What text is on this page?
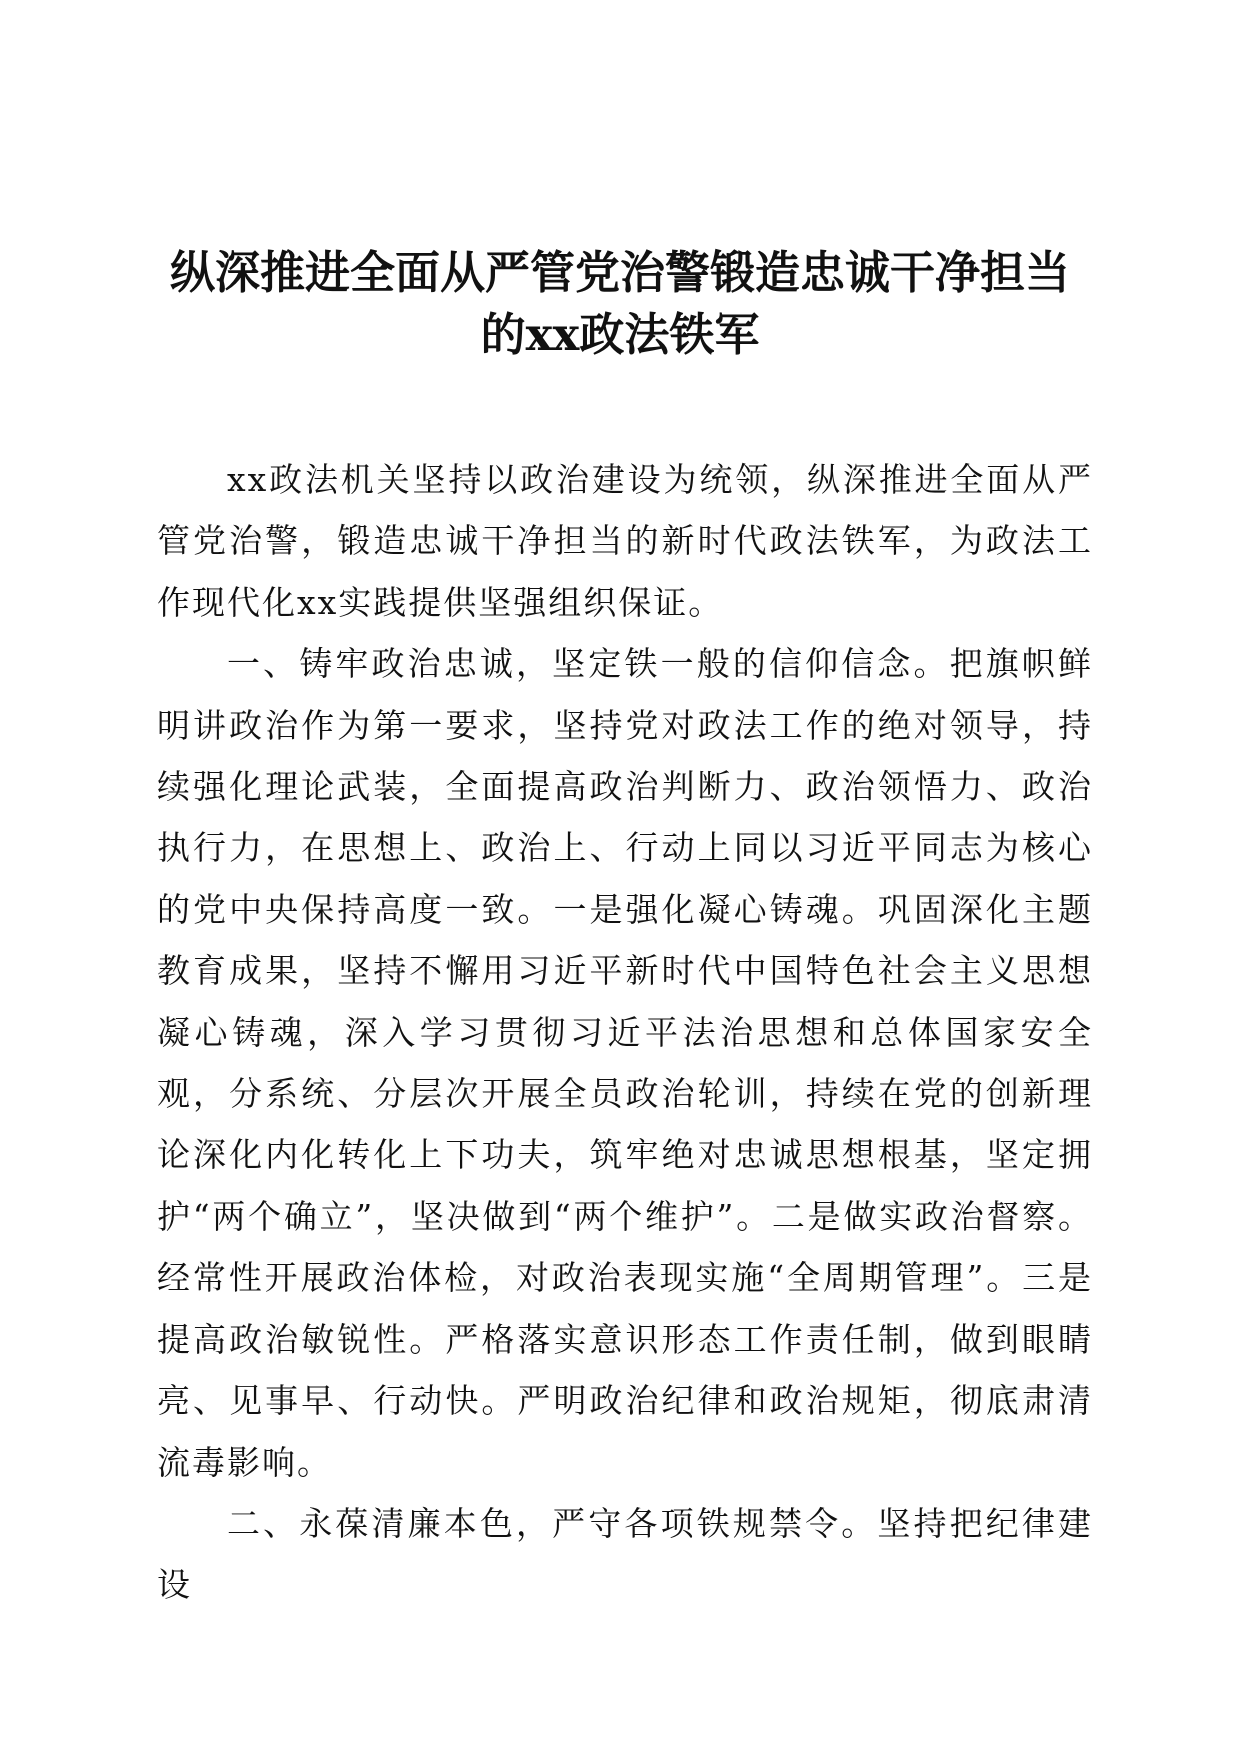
纵深推进全面从严管党治警锻造忠诚干净担当
的xx政法铁军

xx政法机关坚持以政治建设为统领，纵深推进全面从严管党治警，锻造忠诚干净担当的新时代政法铁军，为政法工作现代化xx实践提供坚强组织保证。

一、铸牢政治忠诚，坚定铁一般的信仰信念。把旗帜鲜明讲政治作为第一要求，坚持党对政法工作的绝对领导，持续强化理论武装，全面提高政治判断力、政治领悟力、政治执行力，在思想上、政治上、行动上同以习近平同志为核心的党中央保持高度一致。一是强化凝心铸魂。巩固深化主题教育成果，坚持不懈用习近平新时代中国特色社会主义思想凝心铸魂，深入学习贯彻习近平法治思想和总体国家安全观，分系统、分层次开展全员政治轮训，持续在党的创新理论深化内化转化上下功夫，筑牢绝对忠诚思想根基，坚定拥护“两个确立”，坚决做到“两个维护”。二是做实政治督察。经常性开展政治体检，对政治表现实施“全周期管理”。三是提高政治敏锐性。严格落实意识形态工作责任制，做到眼睛亮、见事早、行动快。严明政治纪律和政治规矩，彻底肃清流毒影响。

二、永葆清廉本色，严守各项铁规禁令。坚持把纪律建设
